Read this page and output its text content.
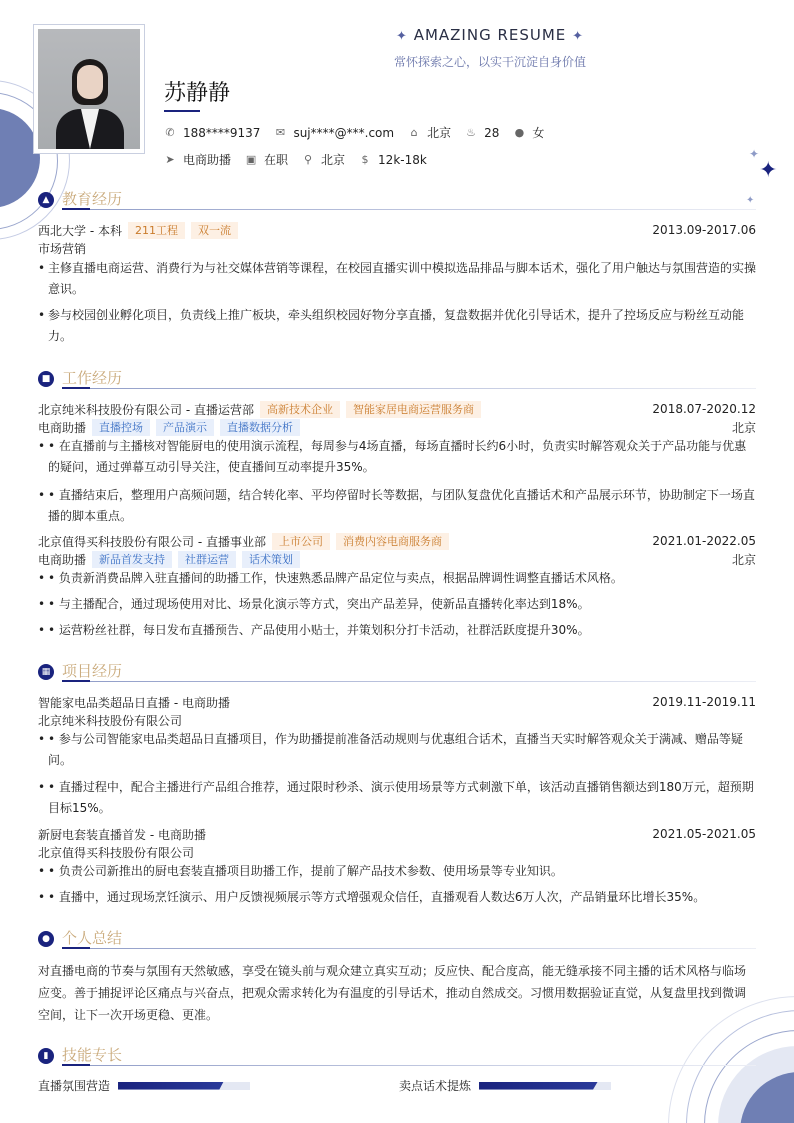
✦
✦
✦
✦ AMAZING RESUME ✦
常怀探索之心，以实干沉淀自身价值
苏静静
✆ 188****9137 ✉ suj****@***.com ⌂ 北京 ♨ 28 ● 女
➤ 电商助播 ▣ 在职 ⚲ 北京 $ 12k-18k
▲ 教育经历
西北大学 - 本科	211工程	双一流	2013.09-2017.06
市场营销
• 主修直播电商运营、消费行为与社交媒体营销等课程，在校园直播实训中模拟选品排品与脚本话术，强化了用户触达与氛围营造的实操意识。
• 参与校园创业孵化项目，负责线上推广板块，牵头组织校园好物分享直播，复盘数据并优化引导话术，提升了控场反应与粉丝互动能力。
■ 工作经历
北京纯米科技股份有限公司 - 直播运营部	高新技术企业	智能家居电商运营服务商	2018.07-2020.12
电商助播	直播控场	产品演示	直播数据分析	北京
• • 在直播前与主播核对智能厨电的使用演示流程，每周参与4场直播，每场直播时长约6小时，负责实时解答观众关于产品功能与优惠的疑问，通过弹幕互动引导关注，使直播间互动率提升35%。
• • 直播结束后，整理用户高频问题，结合转化率、平均停留时长等数据，与团队复盘优化直播话术和产品展示环节，协助制定下一场直播的脚本重点。
北京值得买科技股份有限公司 - 直播事业部	上市公司	消费内容电商服务商	2021.01-2022.05
电商助播	新品首发支持	社群运营	话术策划	北京
• • 负责新消费品牌入驻直播间的助播工作，快速熟悉品牌产品定位与卖点，根据品牌调性调整直播话术风格。
• • 与主播配合，通过现场使用对比、场景化演示等方式，突出产品差异，使新品直播转化率达到18%。
• • 运营粉丝社群，每日发布直播预告、产品使用小贴士，并策划积分打卡活动，社群活跃度提升30%。
▦ 项目经历
智能家电品类超品日直播 - 电商助播	2019.11-2019.11
北京纯米科技股份有限公司
• • 参与公司智能家电品类超品日直播项目，作为助播提前准备活动规则与优惠组合话术，直播当天实时解答观众关于满减、赠品等疑问。
• • 直播过程中，配合主播进行产品组合推荐，通过限时秒杀、演示使用场景等方式刺激下单，该活动直播销售额达到180万元，超预期目标15%。
新厨电套装直播首发 - 电商助播	2021.05-2021.05
北京值得买科技股份有限公司
• • 负责公司新推出的厨电套装直播项目助播工作，提前了解产品技术参数、使用场景等专业知识。
• • 直播中，通过现场烹饪演示、用户反馈视频展示等方式增强观众信任，直播观看人数达6万人次，产品销量环比增长35%。
● 个人总结
对直播电商的节奏与氛围有天然敏感，享受在镜头前与观众建立真实互动；反应快、配合度高，能无缝承接不同主播的话术风格与临场应变。善于捕捉评论区痛点与兴奋点，把观众需求转化为有温度的引导话术，推动自然成交。习惯用数据验证直觉，从复盘里找到微调空间，让下一次开场更稳、更准。
▮ 技能专长
直播氛围营造	卖点话术提炼
